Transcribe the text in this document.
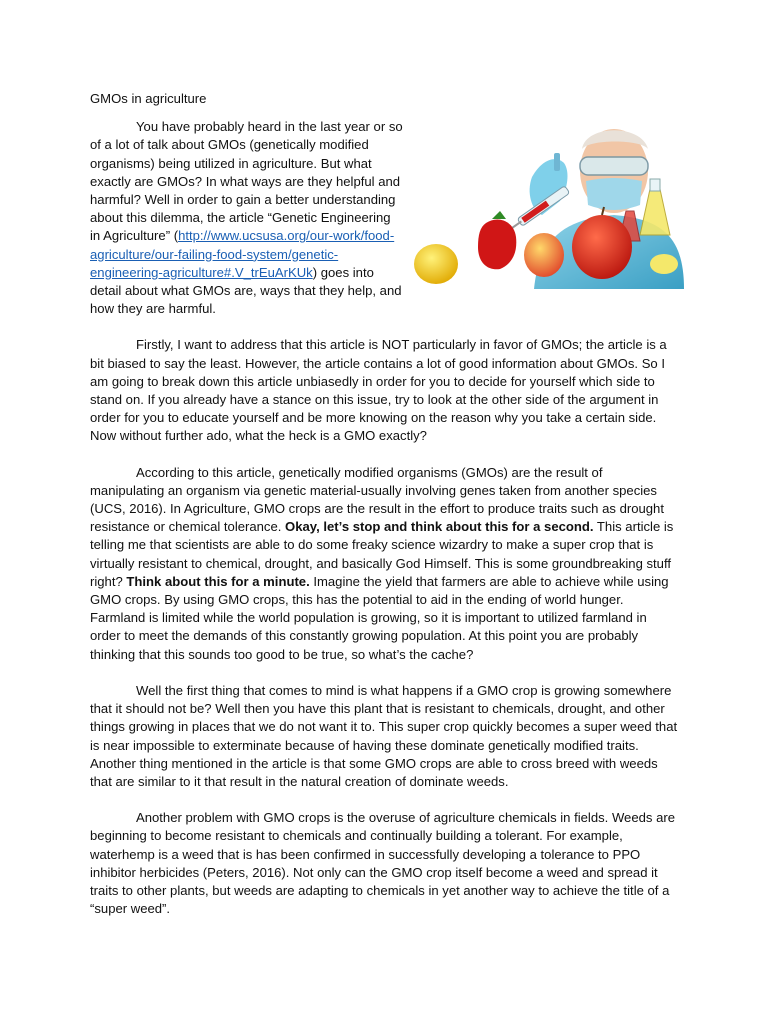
GMOs in agriculture

You have probably heard in the last year or so of a lot of talk about GMOs (genetically modified organisms) being utilized in agriculture. But what exactly are GMOs? In what ways are they helpful and harmful? Well in order to gain a better understanding about this dilemma, the article “Genetic Engineering in Agriculture” (http://www.ucsusa.org/our-work/food-agriculture/our-failing-food-system/genetic-engineering-agriculture#.V_trEuArKUk) goes into detail about what GMOs are, ways that they help, and how they are harmful.

Firstly, I want to address that this article is NOT particularly in favor of GMOs; the article is a bit biased to say the least. However, the article contains a lot of good information about GMOs. So I am going to break down this article unbiasedly in order for you to decide for yourself which side to stand on. If you already have a stance on this issue, try to look at the other side of the argument in order for you to educate yourself and be more knowing on the reason why you take a certain side. Now without further ado, what the heck is a GMO exactly?

According to this article, genetically modified organisms (GMOs) are the result of manipulating an organism via genetic material-usually involving genes taken from another species (UCS, 2016). In Agriculture, GMO crops are the result in the effort to produce traits such as drought resistance or chemical tolerance. Okay, let’s stop and think about this for a second. This article is telling me that scientists are able to do some freaky science wizardry to make a super crop that is virtually resistant to chemical, drought, and basically God Himself. This is some groundbreaking stuff right? Think about this for a minute. Imagine the yield that farmers are able to achieve while using GMO crops. By using GMO crops, this has the potential to aid in the ending of world hunger. Farmland is limited while the world population is growing, so it is important to utilized farmland in order to meet the demands of this constantly growing population. At this point you are probably thinking that this sounds too good to be true, so what’s the cache?

Well the first thing that comes to mind is what happens if a GMO crop is growing somewhere that it should not be? Well then you have this plant that is resistant to chemicals, drought, and other things growing in places that we do not want it to. This super crop quickly becomes a super weed that is near impossible to exterminate because of having these dominate genetically modified traits. Another thing mentioned in the article is that some GMO crops are able to cross breed with weeds that are similar to it that result in the natural creation of dominate weeds.

Another problem with GMO crops is the overuse of agriculture chemicals in fields. Weeds are beginning to become resistant to chemicals and continually building a tolerant. For example, waterhemp is a weed that is has been confirmed in successfully developing a tolerance to PPO inhibitor herbicides (Peters, 2016). Not only can the GMO crop itself become a weed and spread it traits to other plants, but weeds are adapting to chemicals in yet another way to achieve the title of a “super weed”.
